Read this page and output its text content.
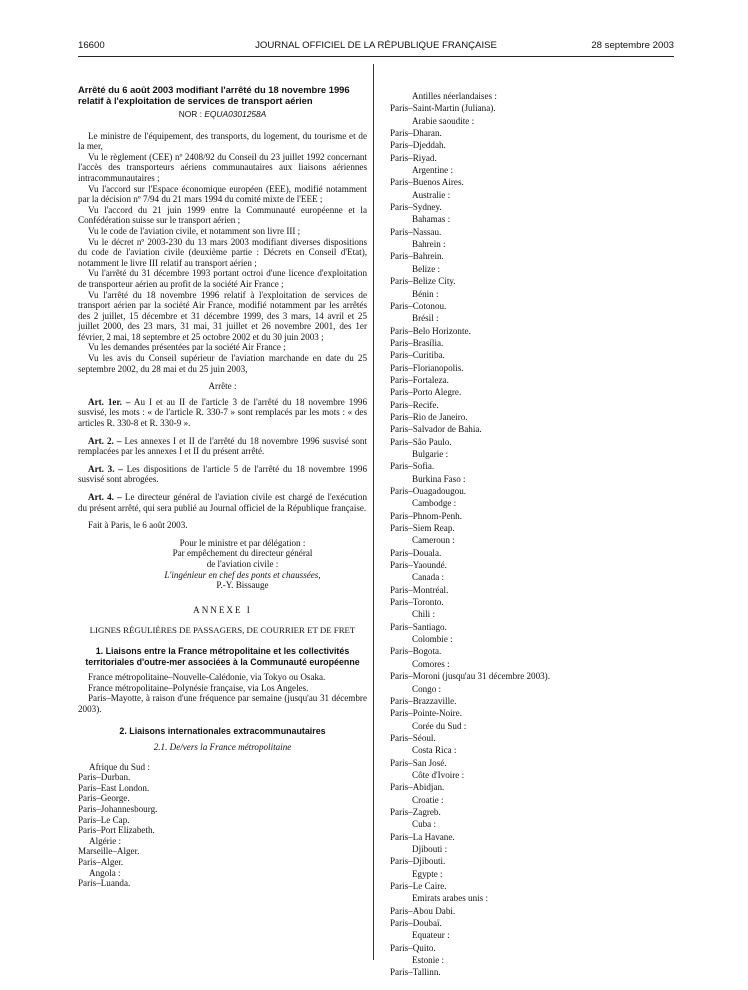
16600	JOURNAL OFFICIEL DE LA RÉPUBLIQUE FRANÇAISE	28 septembre 2003
Arrêté du 6 août 2003 modifiant l'arrêté du 18 novembre 1996 relatif à l'exploitation de services de transport aérien
NOR : EQUA0301258A

Le ministre de l'équipement, des transports, du logement, du tourisme et de la mer,

Vu le règlement (CEE) nº 2408/92 du Conseil du 23 juillet 1992 concernant l'accès des transporteurs aériens communautaires aux liaisons aériennes intracommunautaires ;

Vu l'accord sur l'Espace économique européen (EEE), modifié notamment par la décision nº 7/94 du 21 mars 1994 du comité mixte de l'EEE ;

Vu l'accord du 21 juin 1999 entre la Communauté européenne et la Confédération suisse sur le transport aérien ;

Vu le code de l'aviation civile, et notamment son livre III ;

Vu le décret nº 2003-230 du 13 mars 2003 modifiant diverses dispositions du code de l'aviation civile (deuxième partie : Décrets en Conseil d'Etat), notamment le livre III relatif au transport aérien ;

Vu l'arrêté du 31 décembre 1993 portant octroi d'une licence d'exploitation de transporteur aérien au profit de la société Air France ;

Vu l'arrêté du 18 novembre 1996 relatif à l'exploitation de services de transport aérien par la société Air France, modifié notamment par les arrêtés des 2 juillet, 15 décembre et 31 décembre 1999, des 3 mars, 14 avril et 25 juillet 2000, des 23 mars, 31 mai, 31 juillet et 26 novembre 2001, des 1er février, 2 mai, 18 septembre et 25 octobre 2002 et du 30 juin 2003 ;

Vu les demandes présentées par la société Air France ;

Vu les avis du Conseil supérieur de l'aviation marchande en date du 25 septembre 2002, du 28 mai et du 25 juin 2003,

Arrête :

Art. 1er. – Au I et au II de l'article 3 de l'arrêté du 18 novembre 1996 susvisé, les mots : « de l'article R. 330-7 » sont remplacés par les mots : « des articles R. 330-8 et R. 330-9 ».

Art. 2. – Les annexes I et II de l'arrêté du 18 novembre 1996 susvisé sont remplacées par les annexes I et II du présent arrêté.

Art. 3. – Les dispositions de l'article 5 de l'arrêté du 18 novembre 1996 susvisé sont abrogées.

Art. 4. – Le directeur général de l'aviation civile est chargé de l'exécution du présent arrêté, qui sera publié au Journal officiel de la République française.

Fait à Paris, le 6 août 2003.

Pour le ministre et par délégation :
Par empêchement du directeur général
de l'aviation civile :
L'ingénieur en chef des ponts et chaussées,
P.-Y. Bissauge
ANNEXE I
LIGNES RÉGULIÈRES DE PASSAGERS, DE COURRIER ET DE FRET
1. Liaisons entre la France métropolitaine et les collectivités territoriales d'outre-mer associées à la Communauté européenne

France métropolitaine–Nouvelle-Calédonie, via Tokyo ou Osaka.

France métropolitaine–Polynésie française, via Los Angeles.

Paris–Mayotte, à raison d'une fréquence par semaine (jusqu'au 31 décembre 2003).

2. Liaisons internationales extracommunautaires
2.1. De/vers la France métropolitaine
Afrique du Sud :
Paris–Durban.
Paris–East London.
Paris–George.
Paris–Johannesbourg.
Paris–Le Cap.
Paris–Port Elizabeth.
Algérie :
Marseille–Alger.
Paris–Alger.
Angola :
Paris–Luanda.
Antilles néerlandaises :
Paris–Saint-Martin (Juliana).
Arabie saoudite :
Paris–Dharan.
Paris–Djeddah.
Paris–Riyad.
Argentine :
Paris–Buenos Aires.
Australie :
Paris–Sydney.
Bahamas :
Paris–Nassau.
Bahrein :
Paris–Bahrein.
Belize :
Paris–Belize City.
Bénin :
Paris–Cotonou.
Brésil :
Paris–Belo Horizonte.
Paris–Brasília.
Paris–Curitiba.
Paris–Florianopolis.
Paris–Fortaleza.
Paris–Porto Alegre.
Paris–Recife.
Paris–Rio de Janeiro.
Paris–Salvador de Bahia.
Paris–São Paulo.
Bulgarie :
Paris–Sofia.
Burkina Faso :
Paris–Ouagadougou.
Cambodge :
Paris–Phnom-Penh.
Paris–Siem Reap.
Cameroun :
Paris–Douala.
Paris–Yaoundé.
Canada :
Paris–Montréal.
Paris–Toronto.
Chili :
Paris–Santiago.
Colombie :
Paris–Bogota.
Comores :
Paris–Moroni (jusqu'au 31 décembre 2003).
Congo :
Paris–Brazzaville.
Paris–Pointe-Noire.
Corée du Sud :
Paris–Séoul.
Costa Rica :
Paris–San José.
Côte d'Ivoire :
Paris–Abidjan.
Croatie :
Paris–Zagreb.
Cuba :
Paris–La Havane.
Djibouti :
Paris–Djibouti.
Egypte :
Paris–Le Caire.
Emirats arabes unis :
Paris–Abou Dabi.
Paris–Doubaï.
Equateur :
Paris–Quito.
Estonie :
Paris–Tallinn.
